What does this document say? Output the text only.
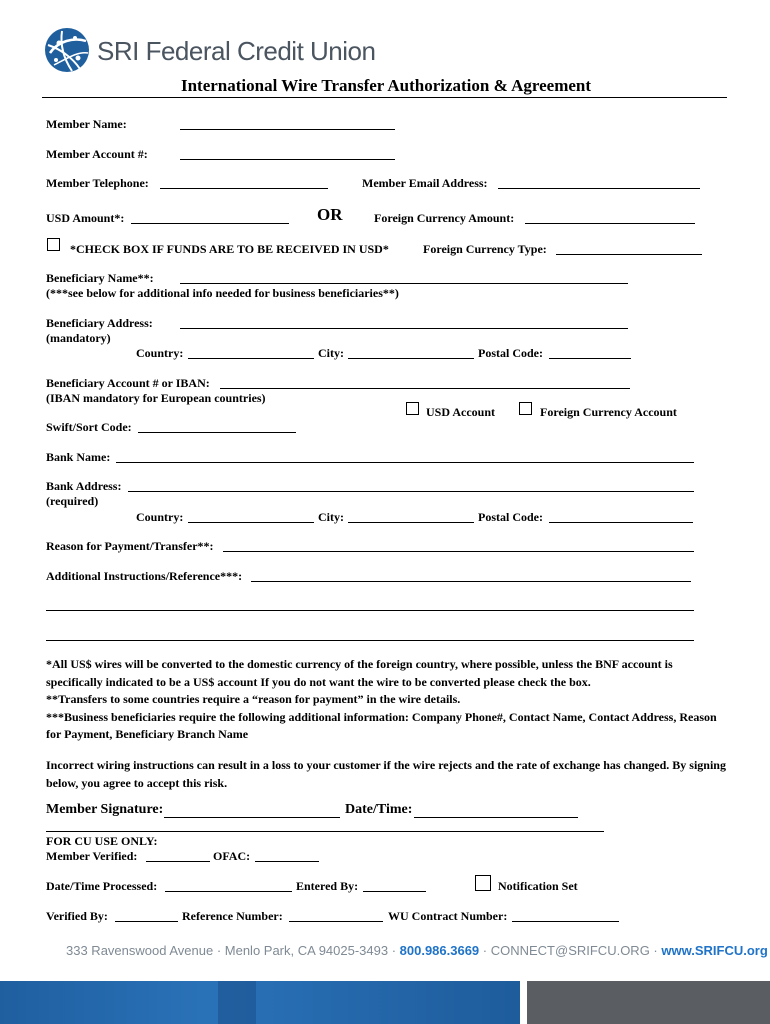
SRI Federal Credit Union
International Wire Transfer Authorization & Agreement
Member Name:
Member Account #:
Member Telephone:	Member Email Address:
USD Amount*:	OR	Foreign Currency Amount:
*CHECK BOX IF FUNDS ARE TO BE RECEIVED IN USD*	Foreign Currency Type:
Beneficiary Name**:
(***see below for additional info needed for business beneficiaries**)
Beneficiary Address:
(mandatory)
Country:	City:	Postal Code:
Beneficiary Account # or IBAN:
(IBAN mandatory for European countries)
USD Account	Foreign Currency Account
Swift/Sort Code:
Bank Name:
Bank Address:
(required)
Country:	City:	Postal Code:
Reason for Payment/Transfer**:
Additional Instructions/Reference***:

*All US$ wires will be converted to the domestic currency of the foreign country, where possible, unless the BNF account is specifically indicated to be a US$ account If you do not want the wire to be converted please check the box.

**Transfers to some countries require a “reason for payment” in the wire details.

***Business beneficiaries require the following additional information: Company Phone#, Contact Name, Contact Address, Reason for Payment, Beneficiary Branch Name

Incorrect wiring instructions can result in a loss to your customer if the wire rejects and the rate of exchange has changed. By signing below, you agree to accept this risk.
Member Signature:	Date/Time:
FOR CU USE ONLY:
Member Verified:	OFAC:
Date/Time Processed:	Entered By:	Notification Set
Verified By:	Reference Number:	WU Contract Number:
333 Ravenswood Avenue · Menlo Park, CA 94025-3493 · 800.986.3669 · CONNECT@SRIFCU.ORG · www.SRIFCU.org
